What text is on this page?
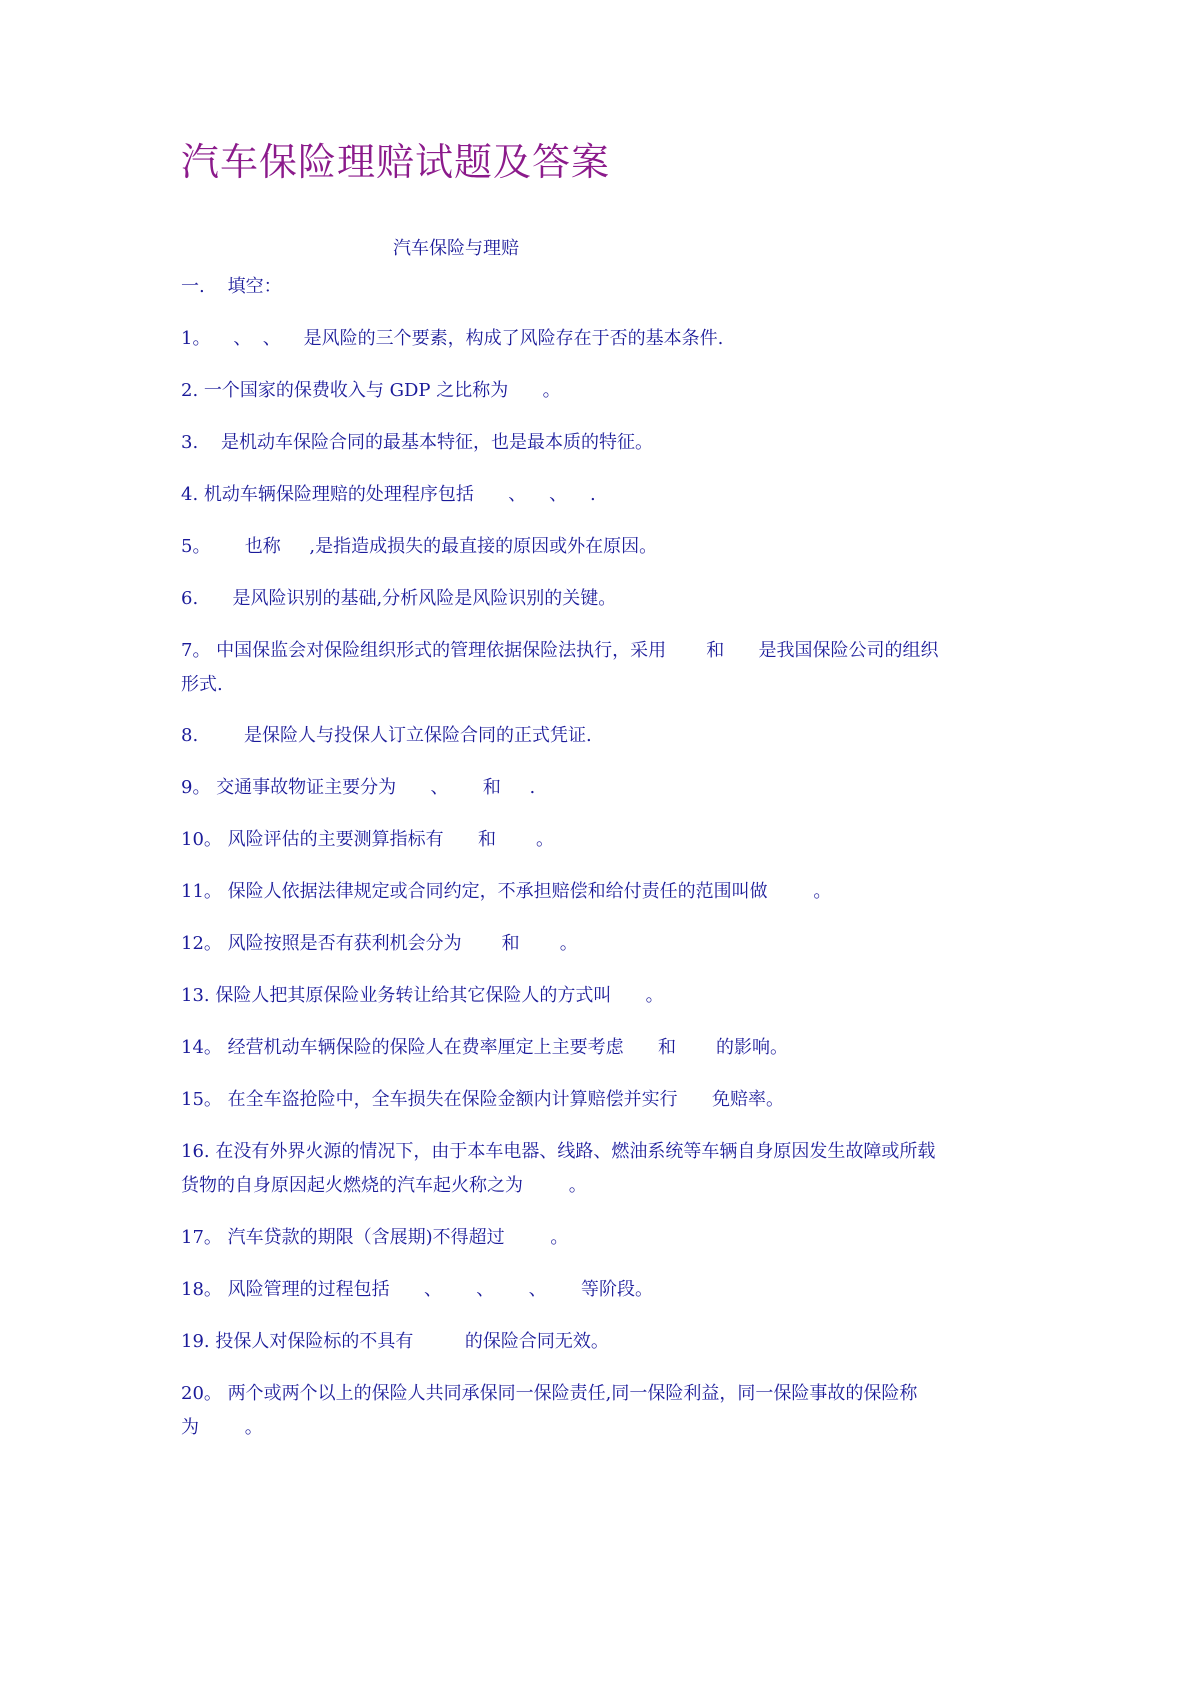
汽车保险理赔试题及答案
汽车保险与理赔

一.    填空：

1。    、  、    是风险的三个要素，构成了风险存在于否的基本条件.

2. 一个国家的保费收入与 GDP 之比称为      。

3.    是机动车保险合同的最基本特征，也是最本质的特征。

4. 机动车辆保险理赔的处理程序包括      、    、    .

5。      也称     ,是指造成损失的最直接的原因或外在原因。

6.      是风险识别的基础,分析风险是风险识别的关键。

7。 中国保监会对保险组织形式的管理依据保险法执行，采用       和      是我国保险公司的组织

形式.

8.        是保险人与投保人订立保险合同的正式凭证.

9。 交通事故物证主要分为      、      和     .

10。 风险评估的主要测算指标有      和       。

11。 保险人依据法律规定或合同约定，不承担赔偿和给付责任的范围叫做        。

12。 风险按照是否有获利机会分为       和       。

13. 保险人把其原保险业务转让给其它保险人的方式叫      。

14。 经营机动车辆保险的保险人在费率厘定上主要考虑      和       的影响。

15。 在全车盗抢险中，全车损失在保险金额内计算赔偿并实行      免赔率。

16. 在没有外界火源的情况下，由于本车电器、线路、燃油系统等车辆自身原因发生故障或所载

货物的自身原因起火燃烧的汽车起火称之为        。

17。 汽车贷款的期限（含展期)不得超过        。

18。 风险管理的过程包括      、      、      、      等阶段。

19. 投保人对保险标的不具有         的保险合同无效。

20。 两个或两个以上的保险人共同承保同一保险责任,同一保险利益，同一保险事故的保险称

为        。
